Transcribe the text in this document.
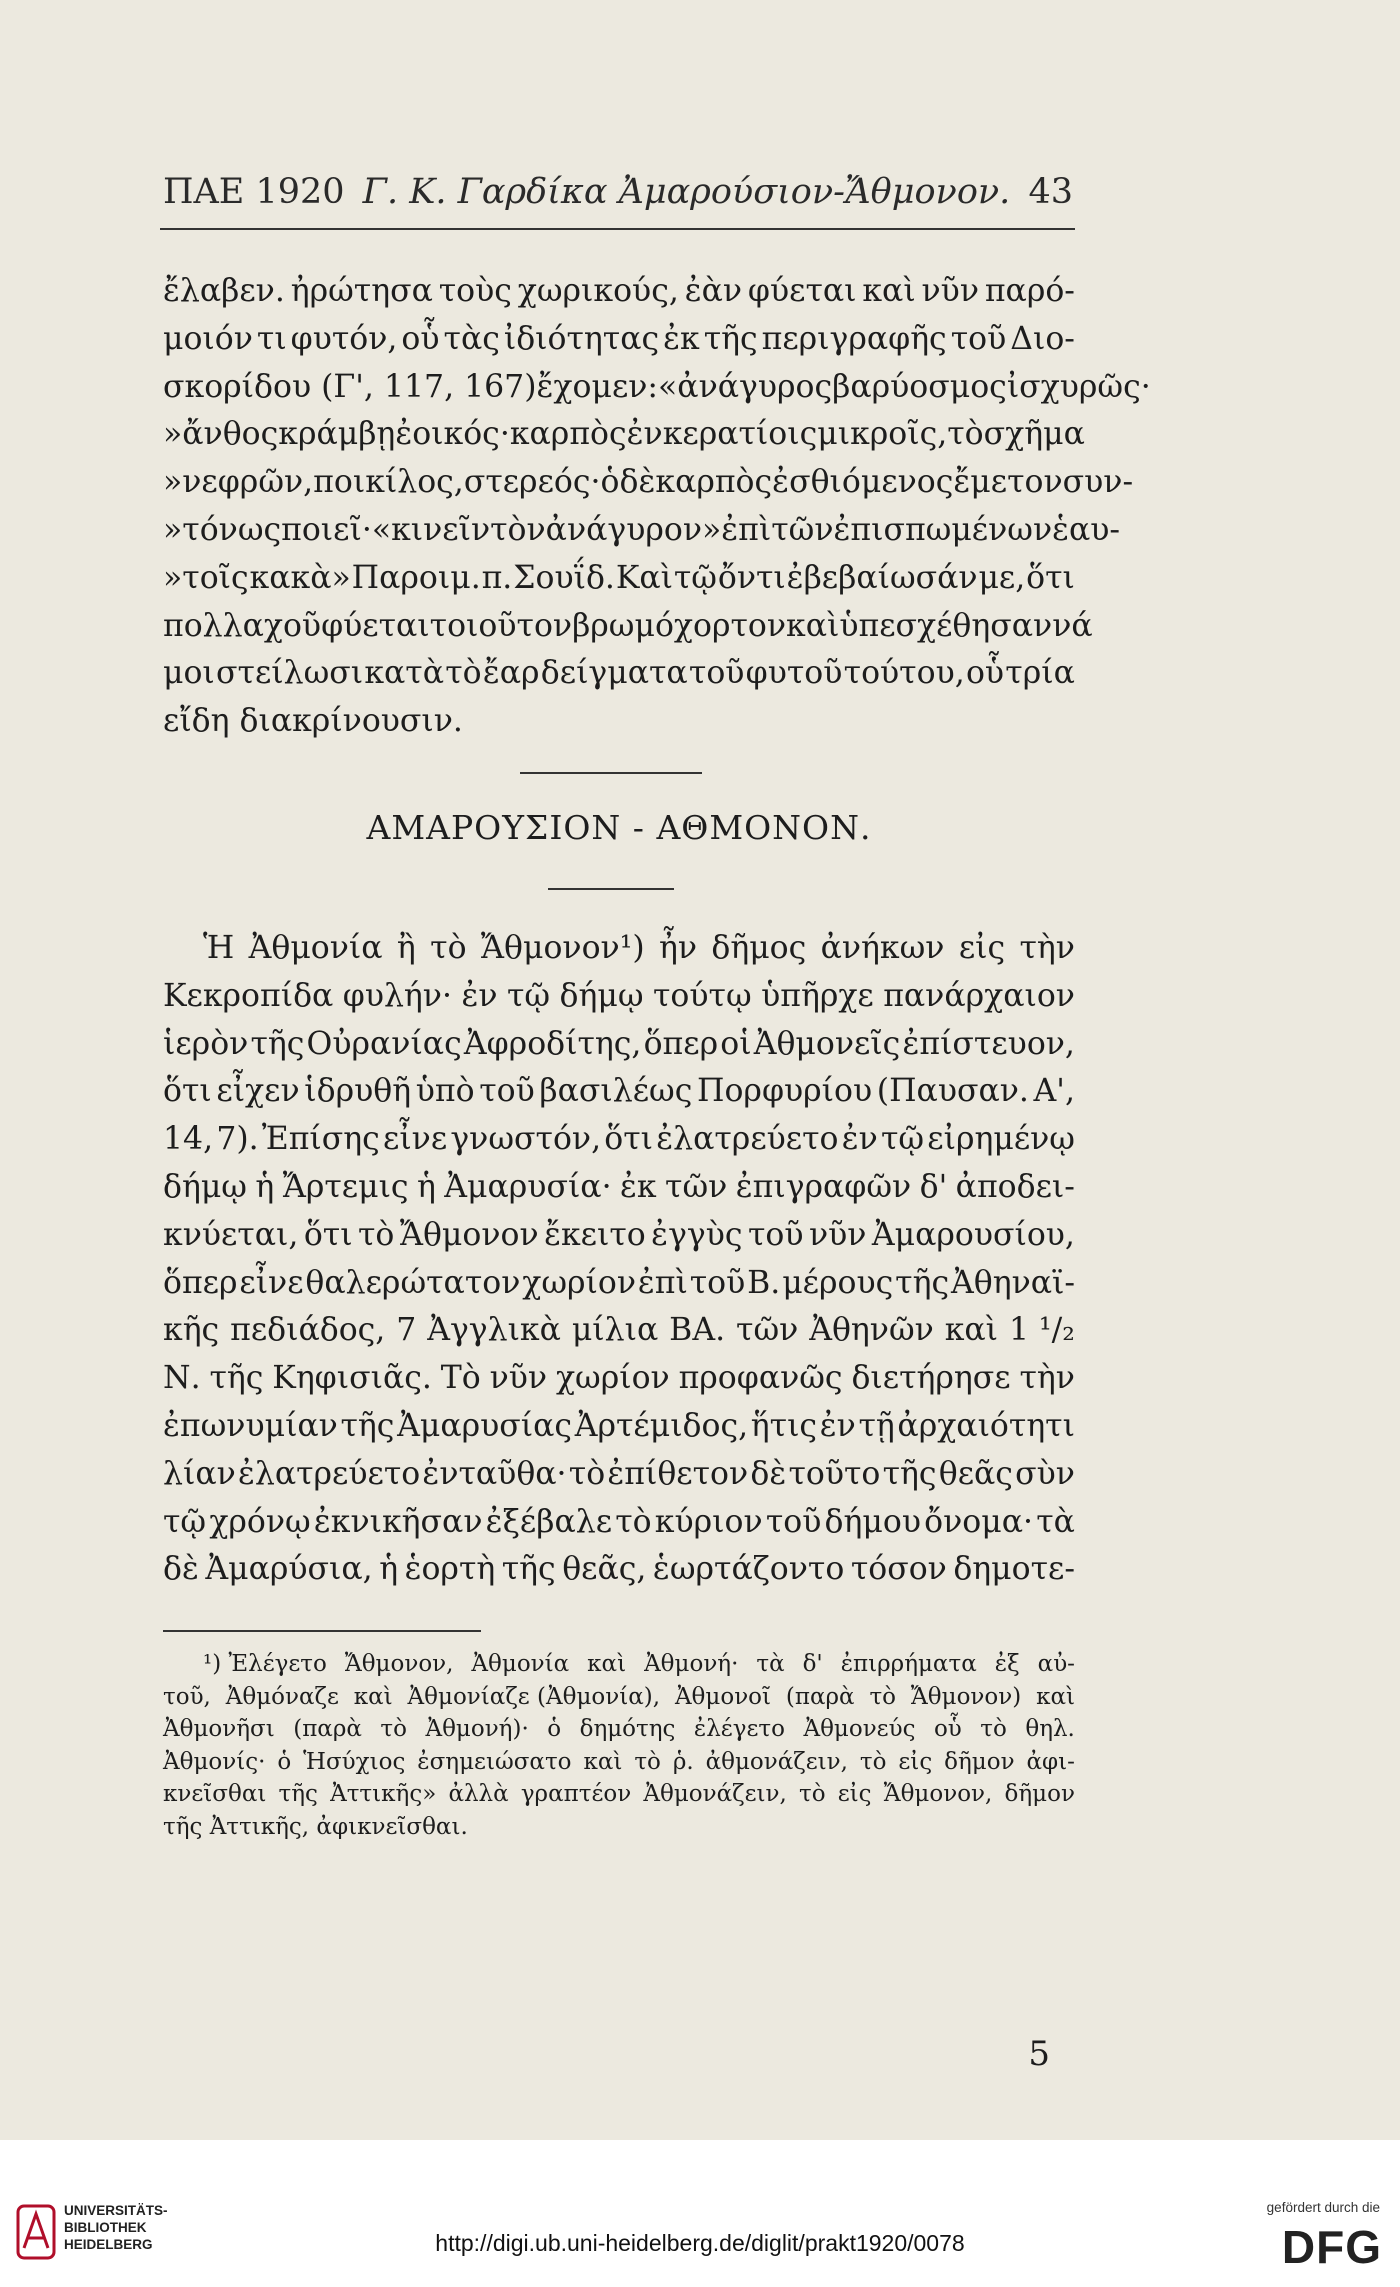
ΠΑΕ 1920 Γ. Κ. Γαρδίκα Ἀμαρούσιον-Ἄθμονον. 43
ἔλαβεν. ἠρώτησα τοὺς χωρικούς, ἐὰν φύεται καὶ νῦν παρό-
μοιόν τι φυτόν, οὗ τὰς ἰδιότητας ἐκ τῆς περιγραφῆς τοῦ Διο-
σκορίδου (Γ', 117, 167) ἔχομεν: «ἀνάγυρος βαρύοσμος ἰσχυρῶς·
»ἄνθος κράμβῃ ἐοικός· καρπὸς ἐν κερατίοις μικροῖς, τὸ σχῆμα
»νεφρῶν, ποικίλος, στερεός· ὁ δὲ καρπὸς ἐσθιόμενος ἔμετον συν-
»τόνως ποιεῖ· «κινεῖν τὸν ἀνάγυρον» ἐπὶ τῶν ἐπισπωμένων ἑαυ-
»τοῖς κακὰ» Παροιμ. π. Σουΐδ. Καὶ τῷ ὄντι ἐβεβαίωσάν με, ὅτι
πολλαχοῦ φύεται τοιοῦτον βρωμόχορτον καὶ ὑπεσχέθησαν νά
μοι στείλωσι κατὰ τὸ ἔαρ δείγματα τοῦ φυτοῦ τούτου, οὗ τρία
εἴδη διακρίνουσιν.
ΑΜΑΡΟΥΣΙΟΝ - ΑΘΜΟΝΟΝ.
Ἡ Ἀθμονία ἢ τὸ Ἄθμονον¹) ἦν δῆμος ἀνήκων εἰς τὴν
Κεκροπίδα φυλήν· ἐν τῷ δήμῳ τούτῳ ὑπῆρχε πανάρχαιον
ἱερὸν τῆς Οὐρανίας Ἀφροδίτης, ὅπερ οἱ Ἀθμονεῖς ἐπίστευον,
ὅτι εἶχεν ἱδρυθῆ ὑπὸ τοῦ βασιλέως Πορφυρίου (Παυσαν. Α',
14, 7). Ἐπίσης εἶνε γνωστόν, ὅτι ἐλατρεύετο ἐν τῷ εἰρημένῳ
δήμῳ ἡ Ἄρτεμις ἡ Ἀμαρυσία· ἐκ τῶν ἐπιγραφῶν δ' ἀποδει-
κνύεται, ὅτι τὸ Ἄθμονον ἔκειτο ἐγγὺς τοῦ νῦν Ἀμαρουσίου,
ὅπερ εἶνε θαλερώτατον χωρίον ἐπὶ τοῦ Β. μέρους τῆς Ἀθηναϊ-
κῆς πεδιάδος, 7 Ἀγγλικὰ μίλια ΒΑ. τῶν Ἀθηνῶν καὶ 1 ¹/₂
Ν. τῆς Κηφισιᾶς. Τὸ νῦν χωρίον προφανῶς διετήρησε τὴν
ἐπωνυμίαν τῆς Ἀμαρυσίας Ἀρτέμιδος, ἥτις ἐν τῇ ἀρχαιότητι
λίαν ἐλατρεύετο ἐνταῦθα· τὸ ἐπίθετον δὲ τοῦτο τῆς θεᾶς σὺν
τῷ χρόνῳ ἐκνικῆσαν ἐξέβαλε τὸ κύριον τοῦ δήμου ὄνομα· τὰ
δὲ Ἀμαρύσια, ἡ ἑορτὴ τῆς θεᾶς, ἑωρτάζοντο τόσον δημοτε-
¹) Ἐλέγετο Ἄθμονον, Ἀθμονία καὶ Ἀθμονή· τὰ δ' ἐπιρρήματα ἐξ αὐ-
τοῦ, Ἀθμόναζε καὶ Ἀθμονίαζε (Ἀθμονία), Ἀθμονοῖ (παρὰ τὸ Ἄθμονον) καὶ
Ἀθμονῆσι (παρὰ τὸ Ἀθμονή)· ὁ δημότης ἐλέγετο Ἀθμονεύς οὗ τὸ θηλ.
Ἀθμονίς· ὁ Ἡσύχιος ἐσημειώσατο καὶ τὸ ῥ. ἀθμονάζειν, τὸ εἰς δῆμον ἀφι-
κνεῖσθαι τῆς Ἀττικῆς» ἀλλὰ γραπτέον Ἀθμονάζειν, τὸ εἰς Ἄθμονον, δῆμον
τῆς Ἀττικῆς, ἀφικνεῖσθαι.
5
UNIVERSITÄTS-
BIBLIOTHEK
HEIDELBERG	http://digi.ub.uni-heidelberg.de/diglit/prakt1920/0078
gefördert durch die
DFG
